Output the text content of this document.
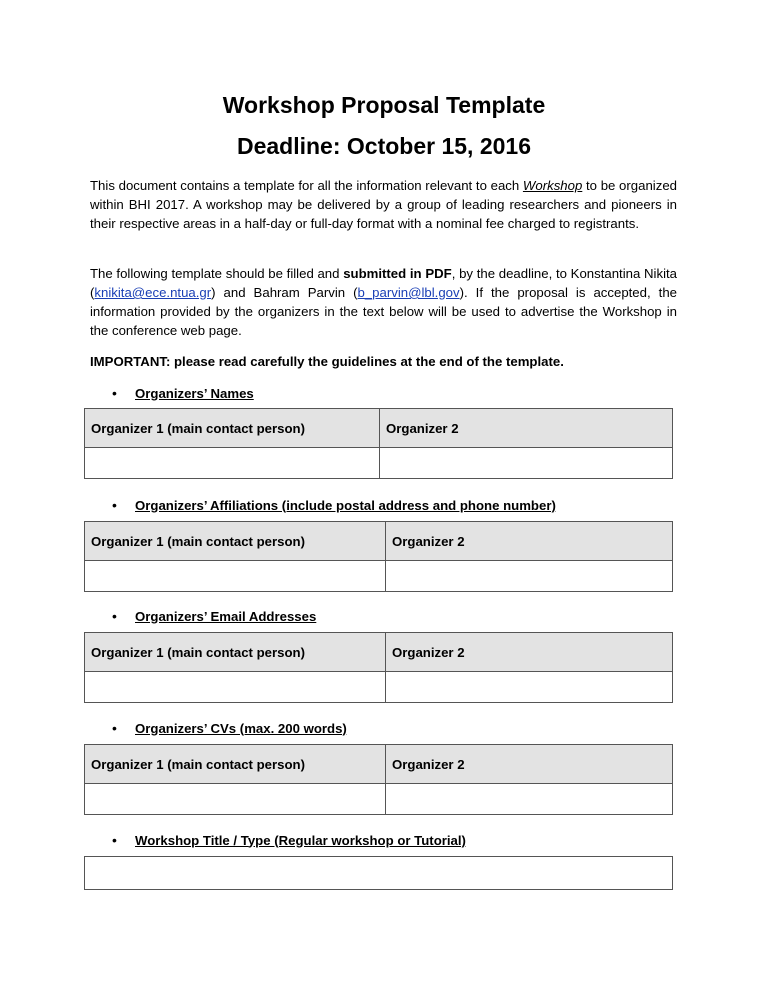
Workshop Proposal Template
Deadline: October 15, 2016

This document contains a template for all the information relevant to each Workshop to be organized within BHI 2017. A workshop may be delivered by a group of leading researchers and pioneers in their respective areas in a half-day or full-day format with a nominal fee charged to registrants.

The following template should be filled and submitted in PDF, by the deadline, to Konstantina Nikita (knikita@ece.ntua.gr) and Bahram Parvin (b_parvin@lbl.gov). If the proposal is accepted, the information provided by the organizers in the text below will be used to advertise the Workshop in the conference web page.

IMPORTANT: please read carefully the guidelines at the end of the template.

•	Organizers’ Names
Organizer 1 (main contact person)	Organizer 2

•	Organizers’ Affiliations (include postal address and phone number)
Organizer 1 (main contact person)	Organizer 2

•	Organizers’ Email Addresses
Organizer 1 (main contact person)	Organizer 2

•	Organizers’ CVs (max. 200 words)
Organizer 1 (main contact person)	Organizer 2

•	Workshop Title / Type (Regular workshop or Tutorial)
